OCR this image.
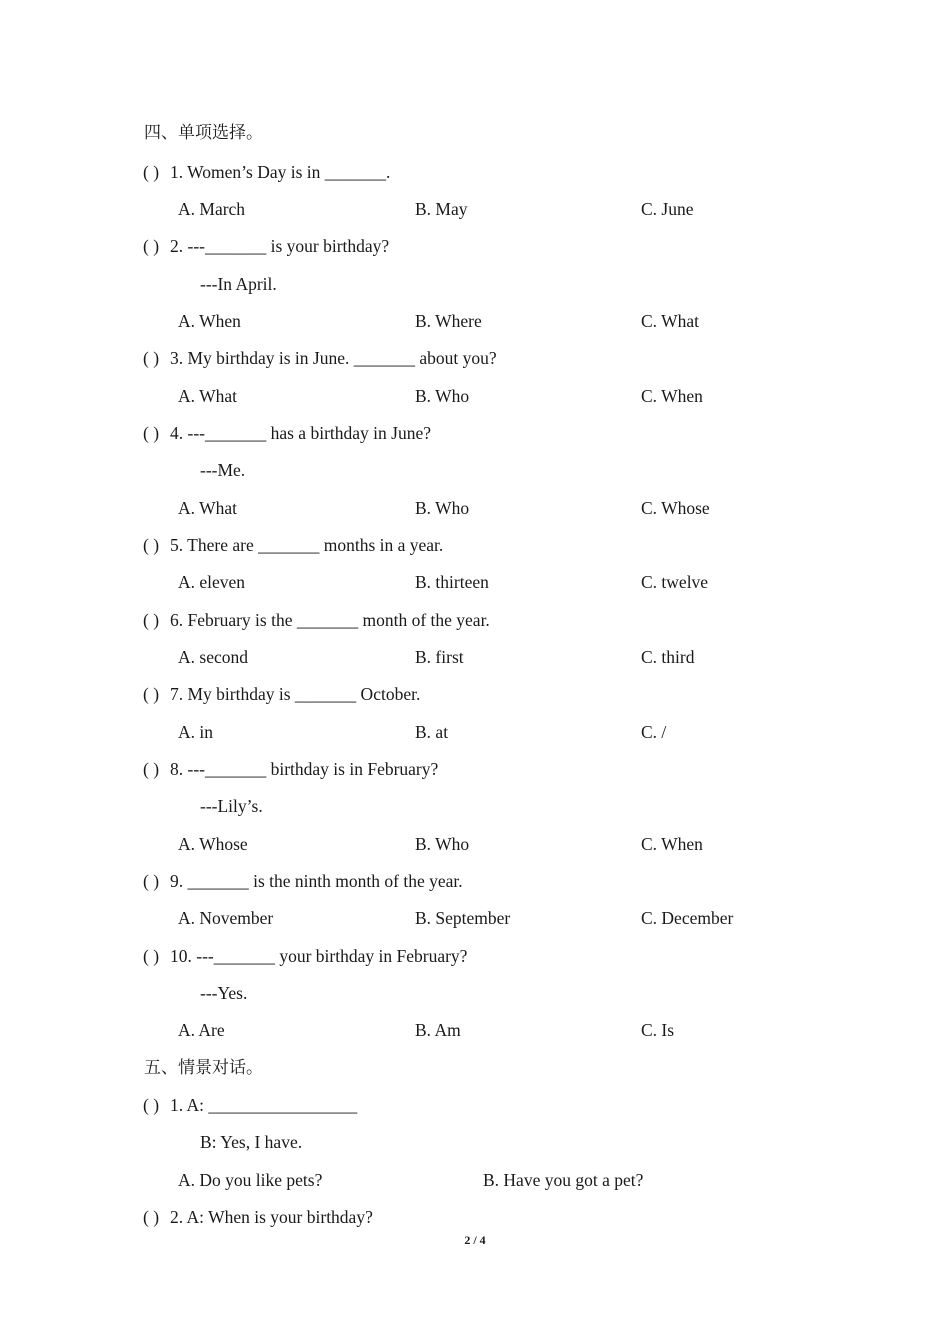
四、单项选择。
( ) 1. Women’s Day is in _______.
A. March	B. May	C. June
( ) 2. ---_______ is your birthday?
---In April.
A. When	B. Where	C. What
( ) 3. My birthday is in June. _______ about you?
A. What	B. Who	C. When
( ) 4. ---_______ has a birthday in June?
---Me.
A. What	B. Who	C. Whose
( ) 5. There are _______ months in a year.
A. eleven	B. thirteen	C. twelve
( ) 6. February is the _______ month of the year.
A. second	B. first	C. third
( ) 7. My birthday is _______ October.
A. in	B. at	C. /
( ) 8. ---_______ birthday is in February?
---Lily’s.
A. Whose	B. Who	C. When
( ) 9. _______ is the ninth month of the year.
A. November	B. September	C. December
( ) 10. ---_______ your birthday in February?
---Yes.
A. Are	B. Am	C. Is
五、情景对话。
( ) 1. A: _________________
B: Yes, I have.
A. Do you like pets?	B. Have you got a pet?
( ) 2. A: When is your birthday?
2 / 4
